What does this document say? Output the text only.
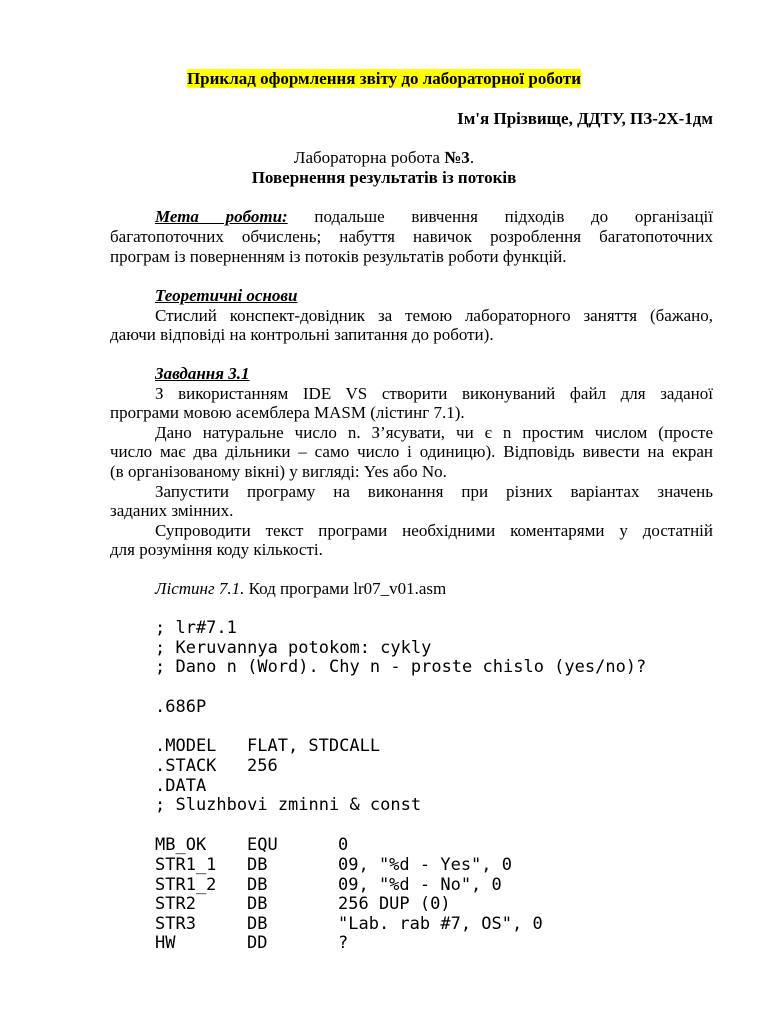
Приклад оформлення звіту до лабораторної роботи
Ім'я Прізвище, ДДТУ, ПЗ-2Х-1дм
Лабораторна робота №3.
Повернення результатів із потоків
Мета роботи: подальше вивчення підходів до організації
багатопоточних обчислень; набуття навичок розроблення багатопоточних
програм із поверненням із потоків результатів роботи функцій.
Теоретичні основи
Стислий конспект-довідник за темою лабораторного заняття (бажано,
даючи відповіді на контрольні запитання до роботи).
Завдання 3.1
З використанням IDE VS створити виконуваний файл для заданої
програми мовою асемблера MASM (лістинг 7.1).
Дано натуральне число n. З’ясувати, чи є n простим числом (просте
число має два дільники – само число і одиницю). Відповідь вивести на екран
(в організованому вікні) у вигляді: Yes або No.
Запустити програму на виконання при різних варіантах значень
заданих змінних.
Супроводити текст програми необхідними коментарями у достатній
для розуміння коду кількості.
Лістинг 7.1. Код програми lr07_v01.asm
; lr#7.1
; Keruvannya potokom: cykly
; Dano n (Word). Chy n - proste chislo (yes/no)?
.686P

.MODEL FLAT, STDCALL

.STACK 256

.DATA
; Sluzhbovi zminni & const

MB_OK EQU	0

STR1_1 DB	09, "%d - Yes", 0

STR1_2 DB	09, "%d - No", 0

STR2	DB	256 DUP (0)

STR3	DB	"Lab. rab #7, OS", 0

HW	DD	?
